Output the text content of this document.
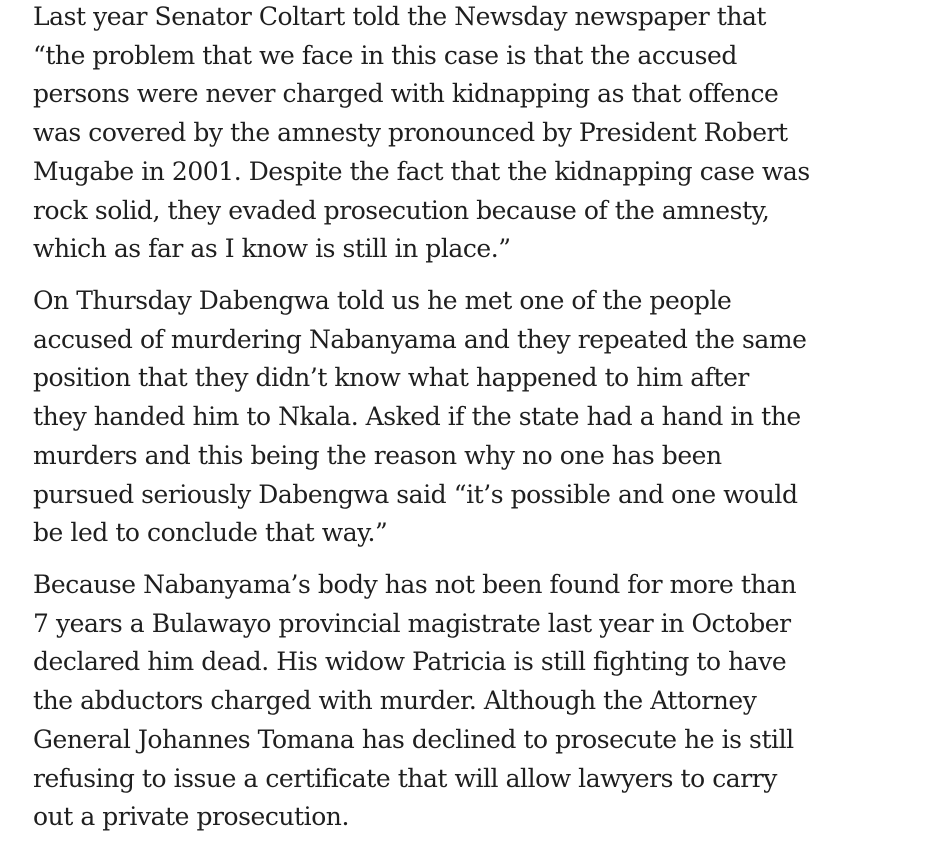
Last year Senator Coltart told the Newsday newspaper that
“the problem that we face in this case is that the accused
persons were never charged with kidnapping as that offence
was covered by the amnesty pronounced by President Robert
Mugabe in 2001. Despite the fact that the kidnapping case was
rock solid, they evaded prosecution because of the amnesty,
which as far as I know is still in place.”

On Thursday Dabengwa told us he met one of the people
accused of murdering Nabanyama and they repeated the same
position that they didn’t know what happened to him after
they handed him to Nkala. Asked if the state had a hand in the
murders and this being the reason why no one has been
pursued seriously Dabengwa said “it’s possible and one would
be led to conclude that way.”

Because Nabanyama’s body has not been found for more than
7 years a Bulawayo provincial magistrate last year in October
declared him dead. His widow Patricia is still fighting to have
the abductors charged with murder. Although the Attorney
General Johannes Tomana has declined to prosecute he is still
refusing to issue a certificate that will allow lawyers to carry
out a private prosecution.
